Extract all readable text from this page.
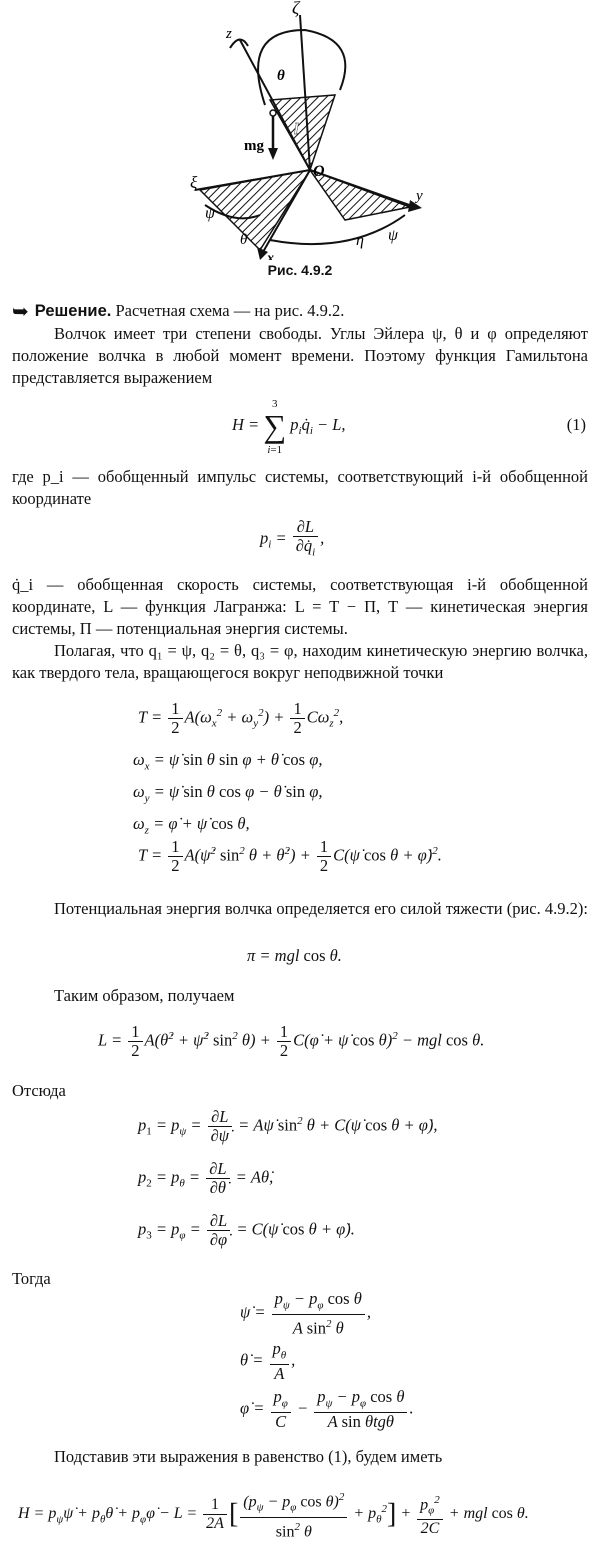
ζ
z
θ
l
mg
O
ξ
ψ
θ
x
η ψ
y
Рис. 4.9.2
➥ Решение. Расчетная схема — на рис. 4.9.2.
Волчок имеет три степени свободы. Углы Эйлера ψ, θ и φ определяют положение волчка в любой момент времени. Поэтому функция Гамильтона представляется выражением
H = 3
∑
i=1 $p_iq̇_i - L$,	(1)
где p_i — обобщенный импульс системы, соответствующий i-й обобщенной координате
$p_i = \frac{\partial L}{\partial q̇_i}$ ,
q̇_i — обобщенная скорость системы, соответствующая i-й обобщенной координате, L — функция Лагранжа: L = T − П, T — кинетическая энергия системы, П — потенциальная энергия системы.
Полагая, что q₁ = ψ, q₂ = θ, q₃ = φ, находим кинетическую энергию волчка, как твердого тела, вращающегося вокруг неподвижной точки
$T = \frac{1}{2} A(\omega_x^2 + \omega_y^2) + \frac{1}{2} C\omega_z^2$,
$\omega_x$ = ψ̇ sin θ sin φ + θ̇ cos φ,
$\omega_y$ = ψ̇ sin θ cos φ − θ̇ sin φ,
$\omega_z$ = φ̇ + ψ̇ cos θ,
$T = \frac{1}{2}$ A(ψ̇$^2$ $\sin^2 \theta$ + θ̇$^2$) + $\frac{1}{2}$ C(ψ̇ cos θ + φ̇)$^2$.
Потенциальная энергия волчка определяется его силой тяжести (рис. 4.9.2):
π = mgl cos θ.
Таким образом, получаем
$L = \frac{1}{2}$ A(θ̇$^2$ + ψ̇$^2$ $\sin^2 \theta) + \frac{1}{2}$ C(φ̇ + ψ̇ cos θ)$^2$ − mgl cos θ.
Отсюда
$p_1 = p_\psi = \frac{\partial L}{\partial\psi̇}$ = Aψ̇ $\sin^2 \theta$ + C(ψ̇ cos θ + φ̇),
$p_2 = p_\theta = \frac{\partial L}{\partial\thetȧ}$ = Aθ̇,
$p_3 = p_\varphi = \frac{\partial L}{\partial\varphi̇}$ = C(ψ̇ cos θ + φ̇).
Тогда
ψ̇ = $\frac{p_\psi - p_\varphi \cos \theta}{A \sin^2 \theta}$ ,
θ̇ = $\frac{p_\theta}{A}$ ,
φ̇ = $\frac{p_\varphi}{C} - \frac{p_\psi - p_\varphi \cos \theta}{\text{A sin θtgθ}}$ .
Подставив эти выражения в равенство (1), будем иметь
$H = p_\psi\psi̇$ + $p_\theta\thetȧ$ + $p_\varphi\varphi̇ - L = \frac{1}{2A}$ [ $\frac{(p_\psi - p_\varphi \cos \theta)^2}{\sin^2 \theta} + p_\theta^2] + \frac{p_\varphi^2}{2C}$ + mgl cos θ.
